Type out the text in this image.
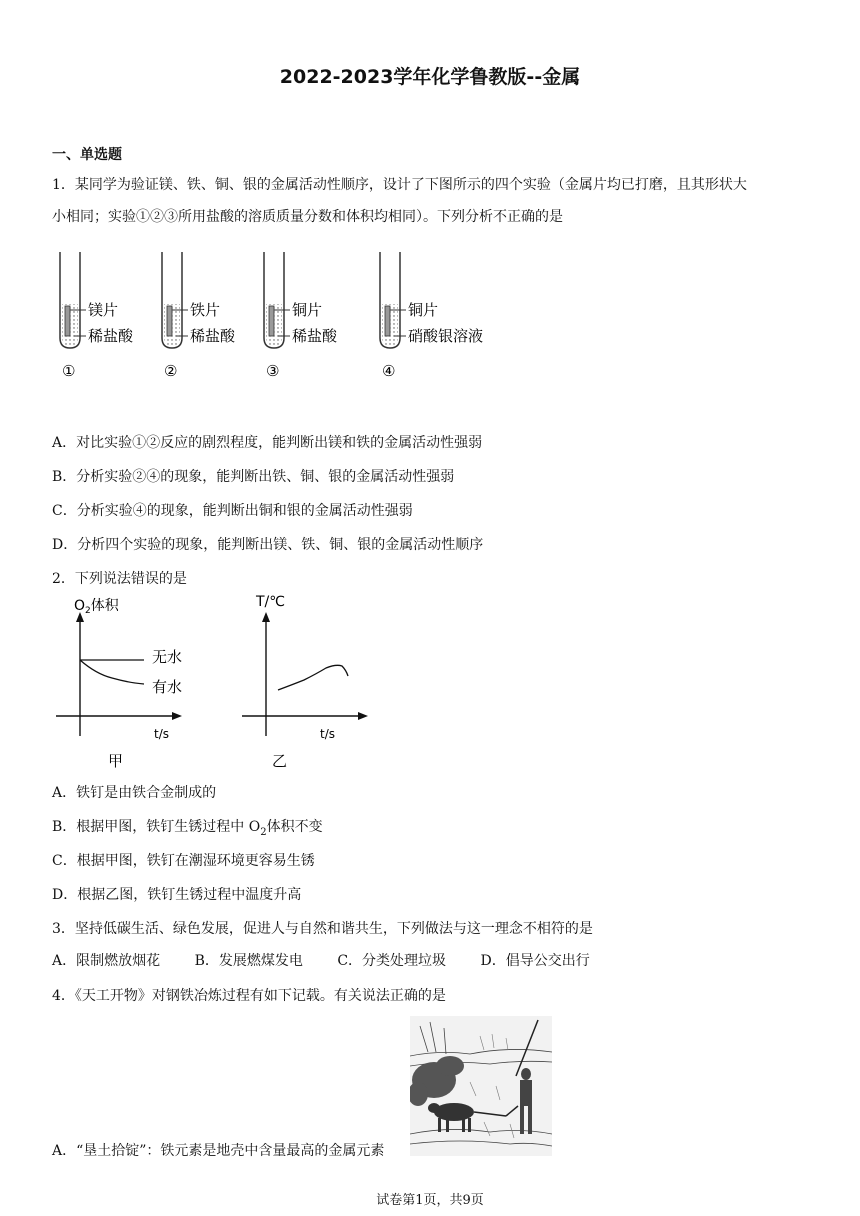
2022-2023学年化学鲁教版--金属
一、单选题
1．某同学为验证镁、铁、铜、银的金属活动性顺序，设计了下图所示的四个实验（金属片均已打磨，且其形状大
小相同；实验①②③所用盐酸的溶质质量分数和体积均相同）。下列分析不正确的是
镁片
稀盐酸
①
铁片
稀盐酸
②
铜片
稀盐酸
③
铜片
硝酸银溶液
④
A．对比实验①②反应的剧烈程度，能判断出镁和铁的金属活动性强弱
B．分析实验②④的现象，能判断出铁、铜、银的金属活动性强弱
C．分析实验④的现象，能判断出铜和银的金属活动性强弱
D．分析四个实验的现象，能判断出镁、铁、铜、银的金属活动性顺序
2．下列说法错误的是
$O_2$体积
无水
有水
t/s
甲
T/℃
t/s
乙
A．铁钉是由铁合金制成的
B．根据甲图，铁钉生锈过程中 $O_2$体积不变
C．根据甲图，铁钉在潮湿环境更容易生锈
D．根据乙图，铁钉生锈过程中温度升高
3．坚持低碳生活、绿色发展，促进人与自然和谐共生，下列做法与这一理念不相符的是
A．限制燃放烟花 B．发展燃煤发电 C．分类处理垃圾 D．倡导公交出行
4．《天工开物》对钢铁冶炼过程有如下记载。有关说法正确的是
A．“垦土拾锭”：铁元素是地壳中含量最高的金属元素
试卷第1页，共9页
